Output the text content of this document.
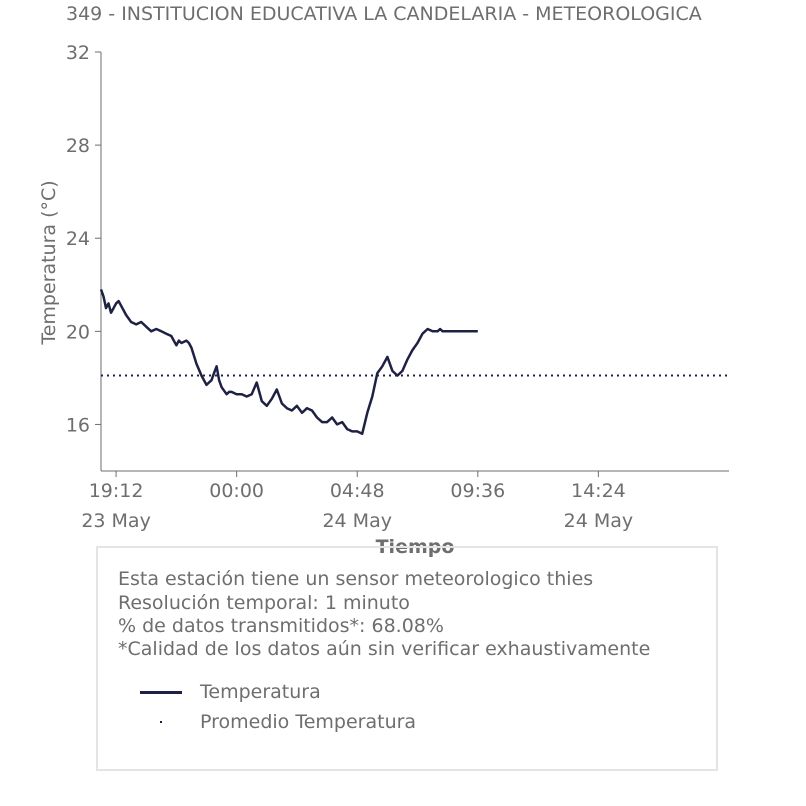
349 - INSTITUCION EDUCATIVA LA CANDELARIA - METEOROLOGICA
16
20
24
28
32
19:12
23 May
00:00	04:48
24 May
09:36	14:24
24 May
Temperatura (°C)
Tiempo
Esta estación tiene un sensor meteorologico thies
Resolución temporal: 1 minuto
% de datos transmitidos*: 68.08%
*Calidad de los datos aún sin verificar exhaustivamente
Temperatura
Promedio Temperatura
